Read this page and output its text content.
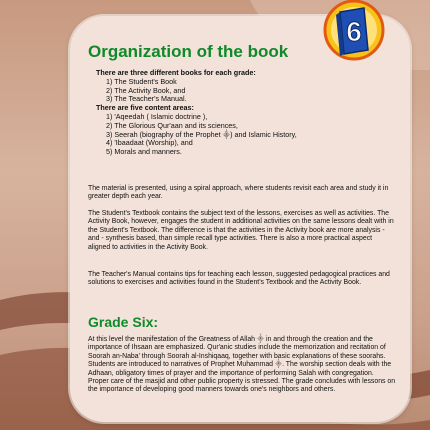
Organization of the book
There are three different books for each grade:
1) The Student's Book
2) The Activity Book, and
3) The Teacher's Manual.
There are five content areas:
1) 'Aqeedah ( Islamic doctrine ),
2) The Glorious Qur'aan and its sciences,
3) Seerah (biography of the Prophet ⸎) and Islamic History,
4) 'Ibaadaat (Worship), and
5) Morals and manners.

The material is presented, using a spiral approach, where students revisit each area and study it in greater depth each year.

The Student's Textbook contains the subject text of the lessons, exercises as well as activities. The Activity Book, however, engages the student in additional activities on the same lessons dealt with in the Student's Textbook. The difference is that the activities in the Activity book are more analysis - and - synthesis based, than simple recall type activities. There is also a more practical aspect aligned to activities in the Activity Book.

The Teacher's Manual contains tips for teaching each lesson, suggested pedagogical practices and solutions to exercises and activities found in the Student's Textbook and the Activity Book.

Grade Six:

At this level the manifestation of the Greatness of Allah ⸎ in and through the creation and the importance of Ihsaan are emphasized. Qur'anic studies include the memorization and recitation of Soorah an-Naba' through Soorah al-Inshiqaaq, together with basic explanations of these soorahs. Students are introduced to narratives of Prophet Muhammad ⸎. The worship section deals with the Adhaan, obligatory times of prayer and the importance of performing Salah with congregation. Proper care of the masjid and other public property is stressed. The grade concludes with lessons on the importance of developing good manners towards one's neighbors and others.

6
